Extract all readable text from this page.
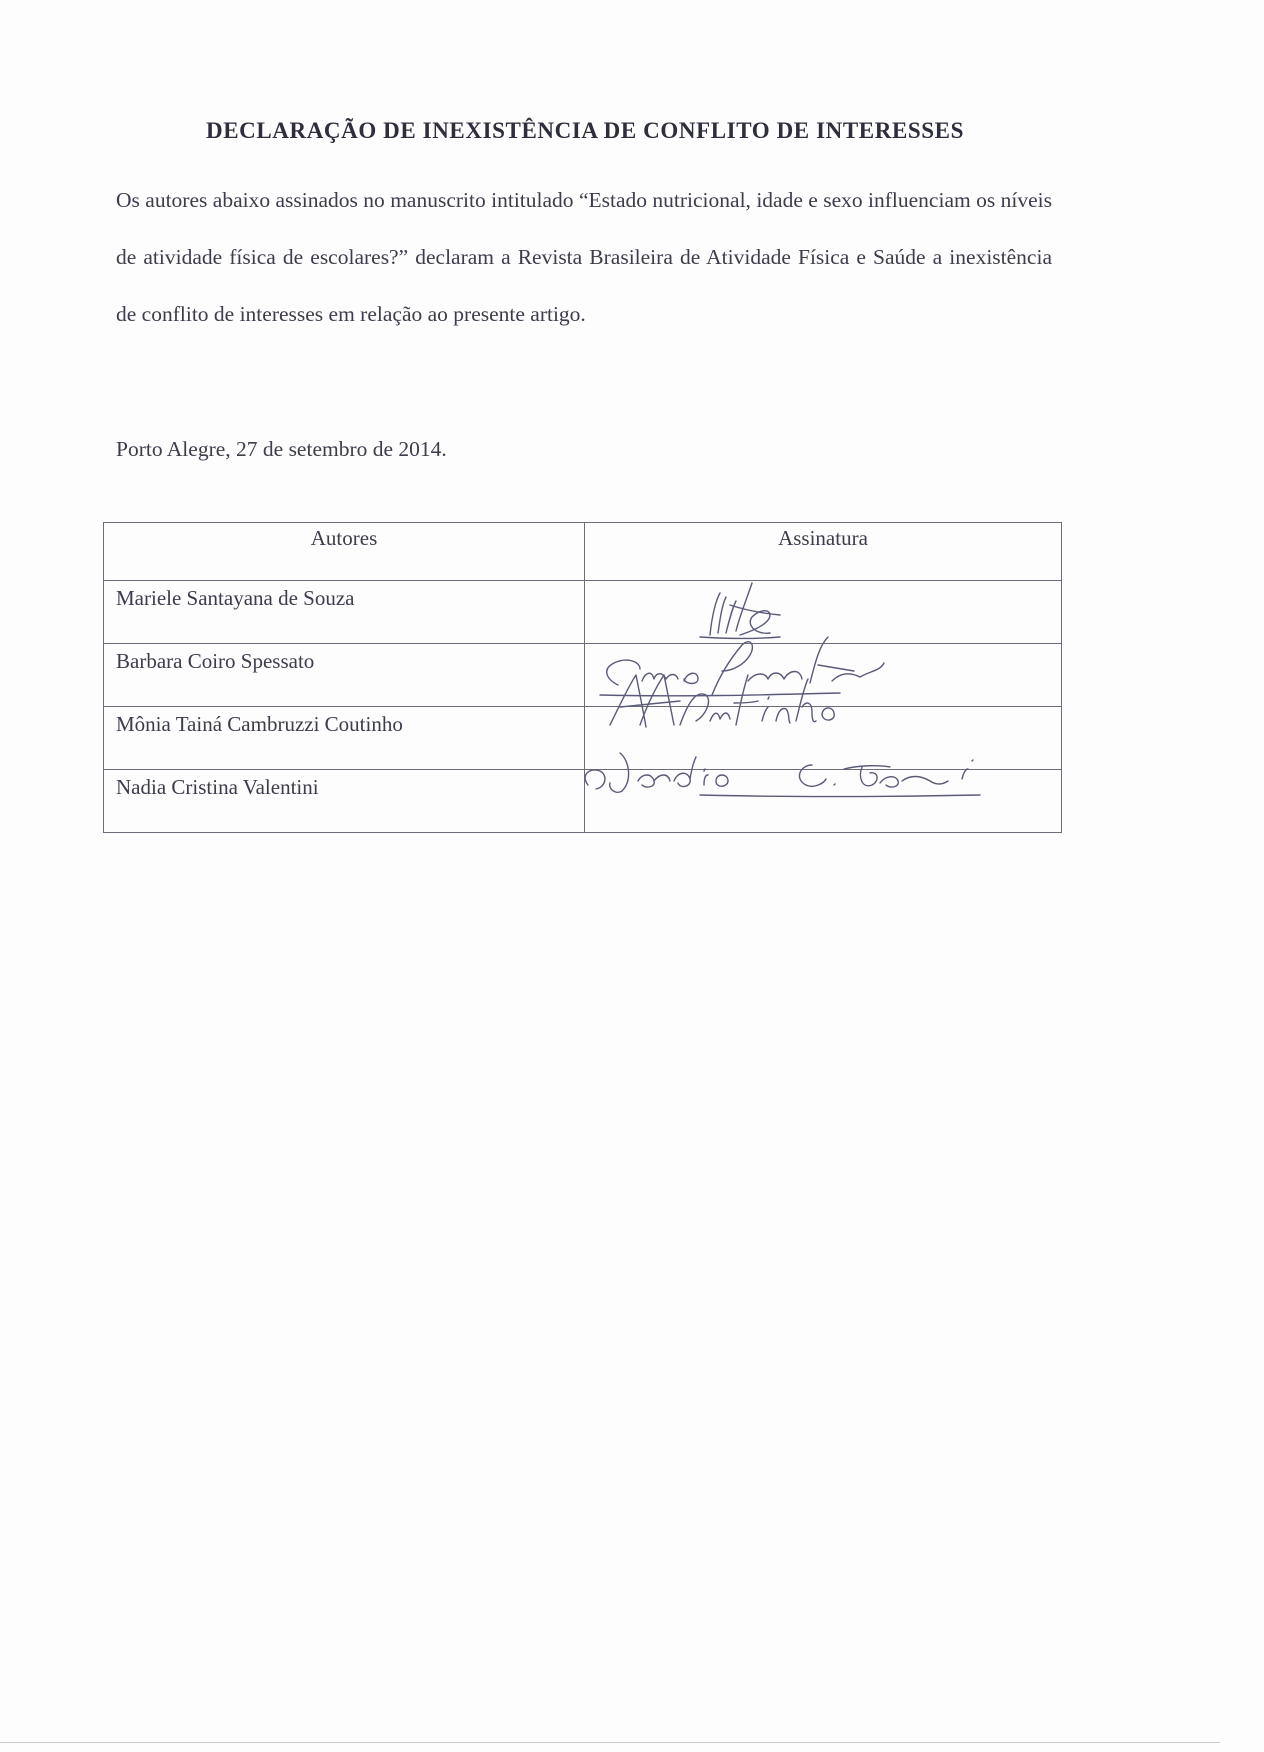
DECLARAÇÃO DE INEXISTÊNCIA DE CONFLITO DE INTERESSES

Os autores abaixo assinados no manuscrito intitulado “Estado nutricional, idade e sexo influenciam os níveis de atividade física de escolares?” declaram a Revista Brasileira de Atividade Física e Saúde a inexistência de conflito de interesses em relação ao presente artigo.

Porto Alegre, 27 de setembro de 2014.
Autores	Assinatura
Mariele Santayana de Souza	
Barbara Coiro Spessato	
Mônia Tainá Cambruzzi Coutinho	
Nadia Cristina Valentini	
